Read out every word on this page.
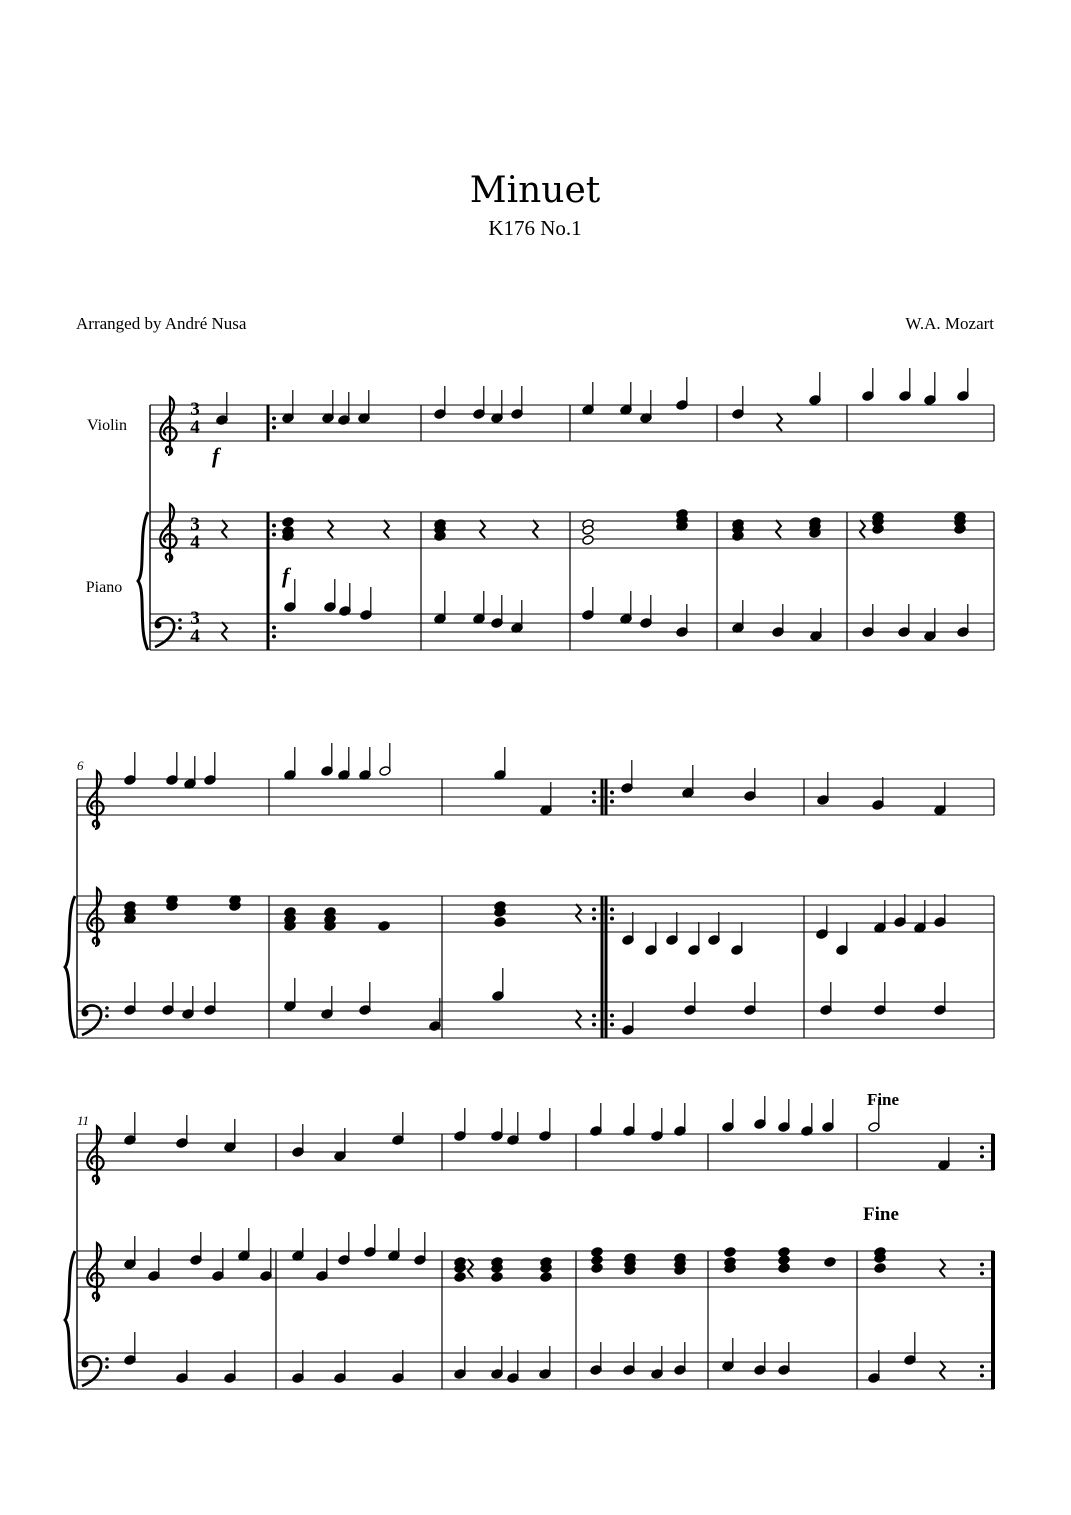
Minuet
K176 No.1
Arranged by André Nusa	W.A. Mozart
Violin
Piano
6
11
Fine
Fine
f
f
3
4
3
4
3
4
